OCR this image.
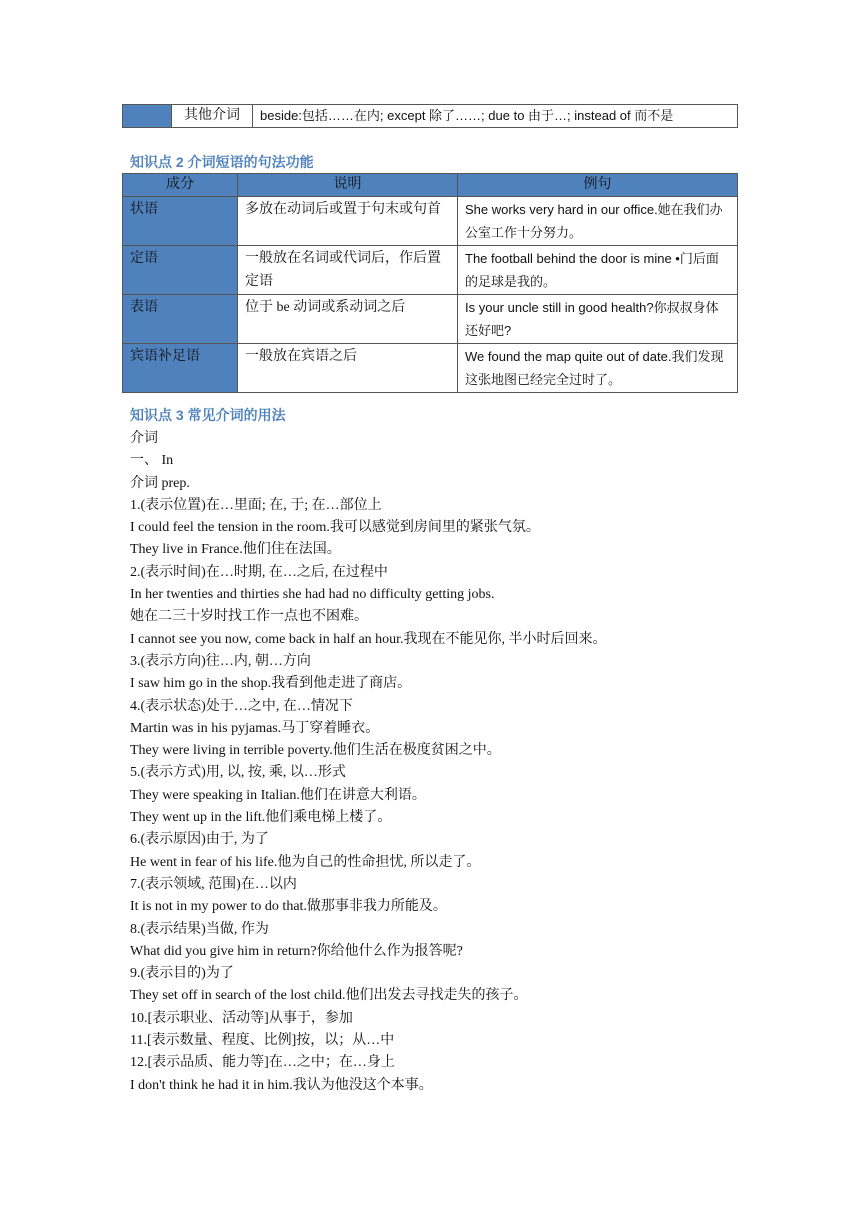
	其他介词	beside:包括……在内; except 除了……; due to 由于…; instead of 而不是
知识点 2 介词短语的句法功能
成分	说明	例句
状语	多放在动词后或置于句末或句首	She works very hard in our office.她在我们办公室工作十分努力。
定语	一般放在名词或代词后，作后置定语	The football behind the door is mine •门后面的足球是我的。
表语	位于 be 动词或系动词之后	Is your uncle still in good health?你叔叔身体还好吧?
宾语补足语	一般放在宾语之后	We found the map quite out of date.我们发现这张地图已经完全过时了。
知识点 3 常见介词的用法
介词
一、 In
介词 prep.
1.(表示位置)在…里面; 在, 于; 在…部位上
I could feel the tension in the room.我可以感觉到房间里的紧张气氛。
They live in France.他们住在法国。
2.(表示时间)在…时期, 在…之后, 在过程中
In her twenties and thirties she had had no difficulty getting jobs.
她在二三十岁时找工作一点也不困难。
I cannot see you now, come back in half an hour.我现在不能见你, 半小时后回来。
3.(表示方向)往…内, 朝…方向
I saw him go in the shop.我看到他走进了商店。
4.(表示状态)处于…之中, 在…情况下
Martin was in his pyjamas.马丁穿着睡衣。
They were living in terrible poverty.他们生活在极度贫困之中。
5.(表示方式)用, 以, 按, 乘, 以…形式
They were speaking in Italian.他们在讲意大利语。
They went up in the lift.他们乘电梯上楼了。
6.(表示原因)由于, 为了
He went in fear of his life.他为自己的性命担忧, 所以走了。
7.(表示领域, 范围)在…以内
It is not in my power to do that.做那事非我力所能及。
8.(表示结果)当做, 作为
What did you give him in return?你给他什么作为报答呢?
9.(表示目的)为了
They set off in search of the lost child.他们出发去寻找走失的孩子。
10.[表示职业、活动等]从事于，参加
11.[表示数量、程度、比例]按，以；从…中
12.[表示品质、能力等]在…之中；在…身上
I don't think he had it in him.我认为他没这个本事。
